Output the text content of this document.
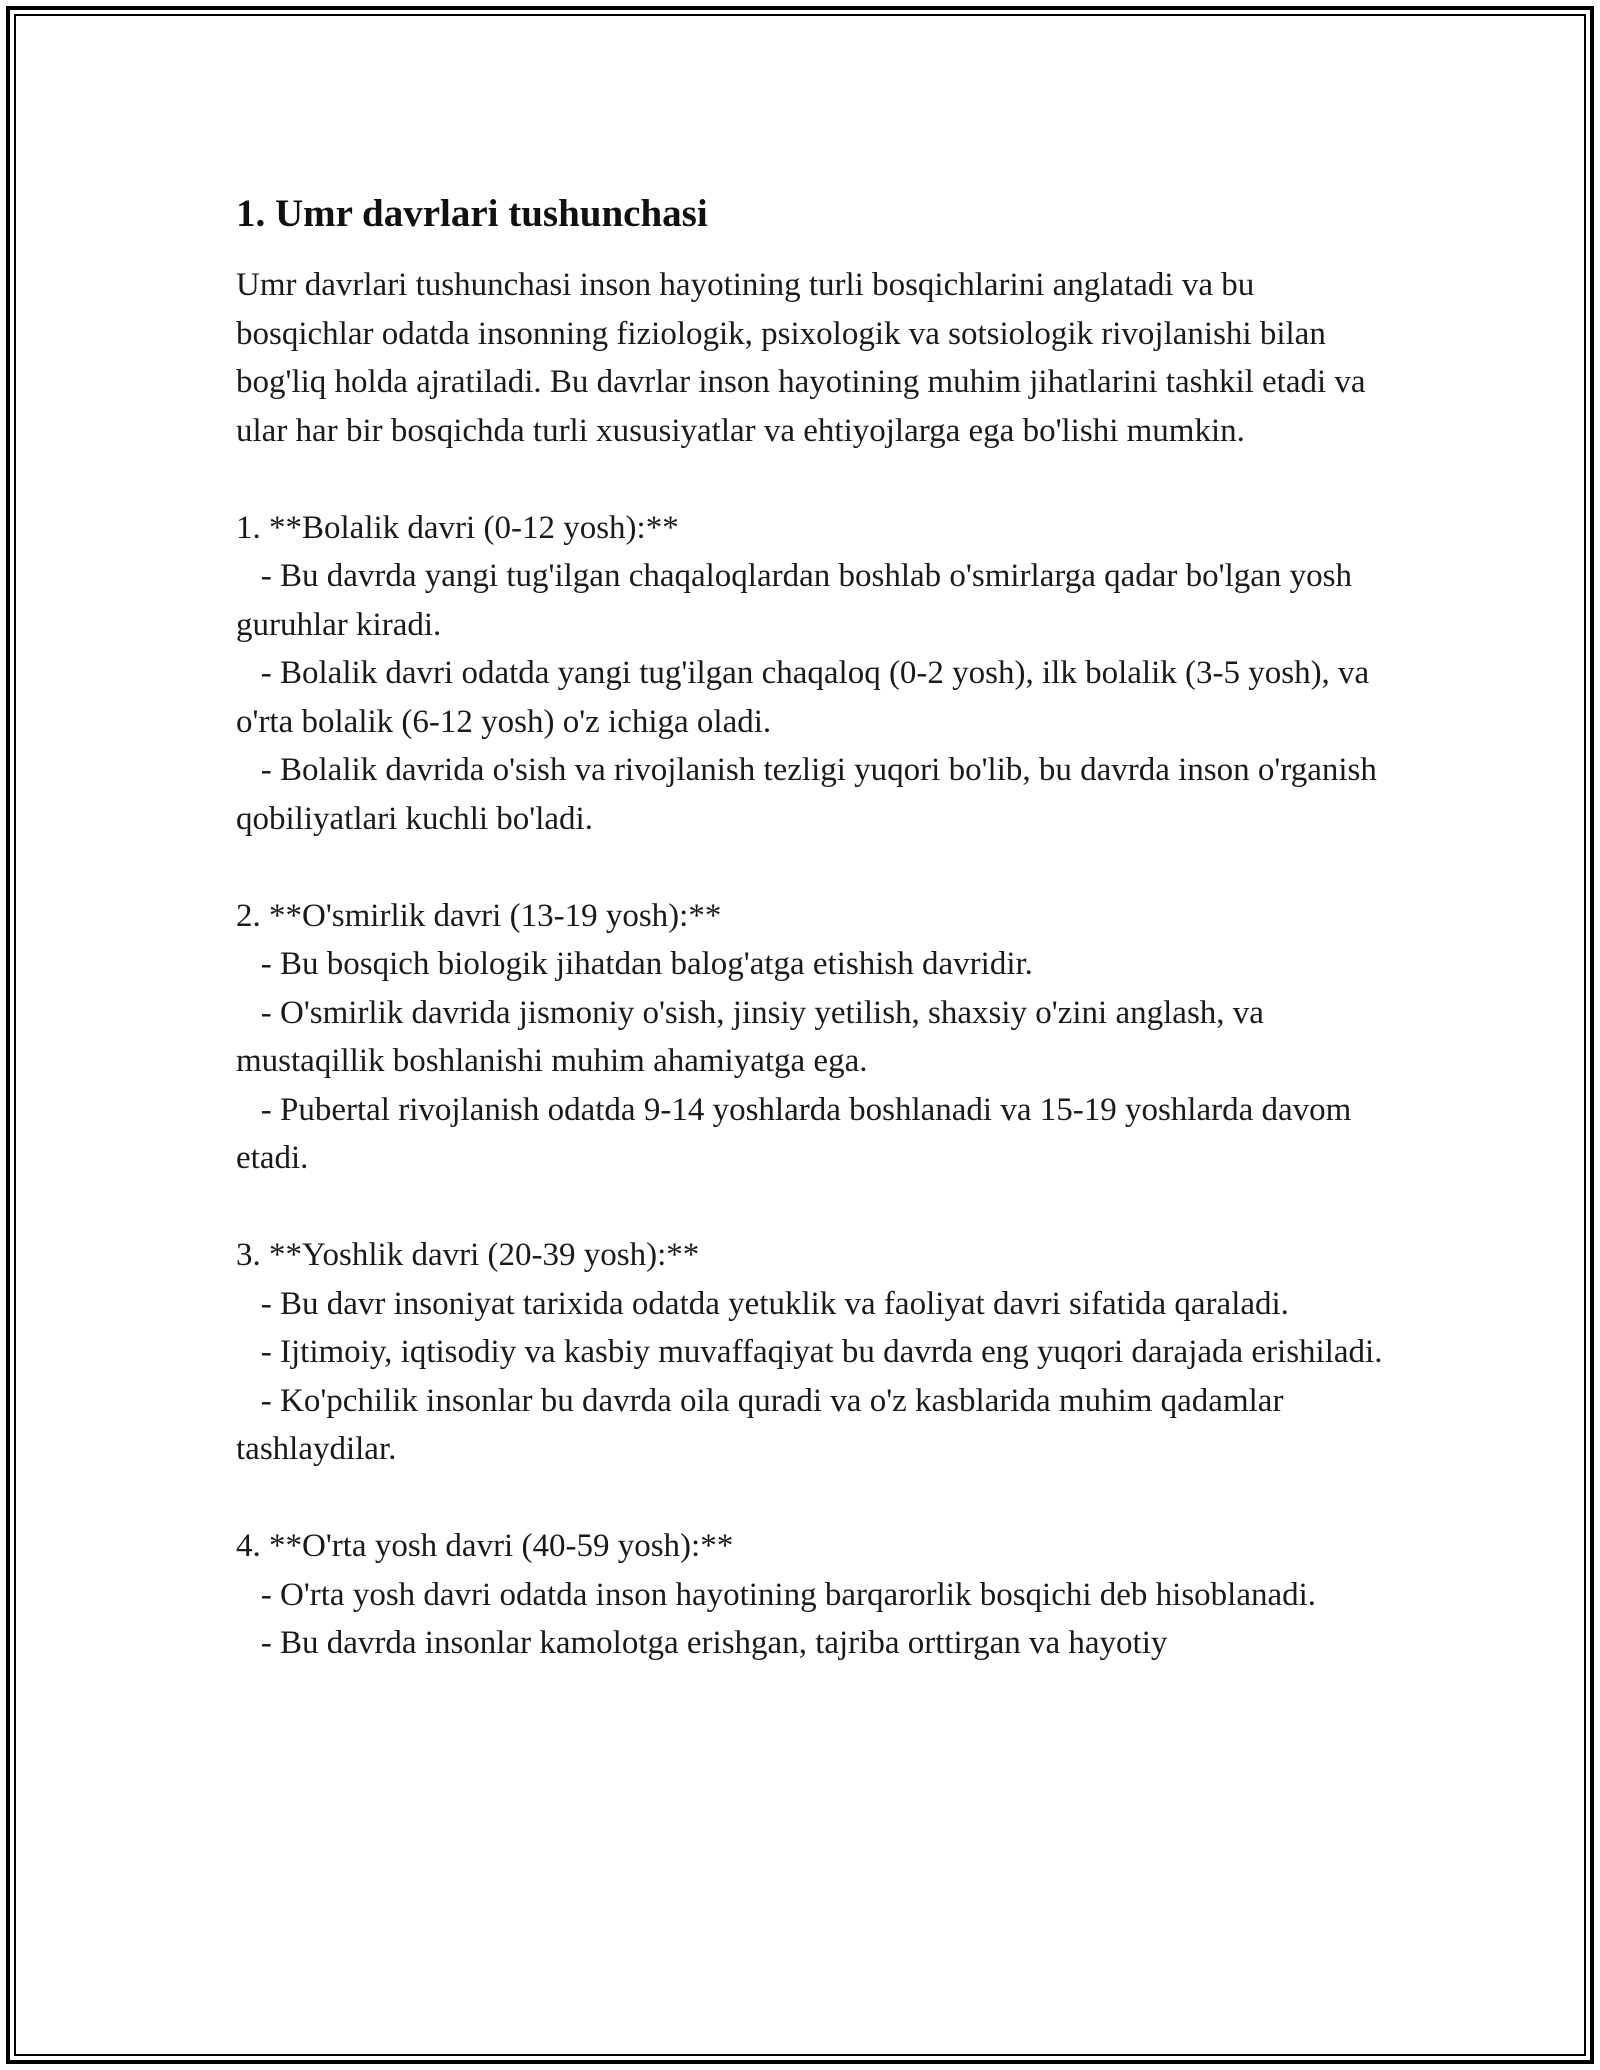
1. Umr davrlari tushunchasi

Umr davrlari tushunchasi inson hayotining turli bosqichlarini anglatadi va bu bosqichlar odatda insonning fiziologik, psixologik va sotsiologik rivojlanishi bilan bog'liq holda ajratiladi. Bu davrlar inson hayotining muhim jihatlarini tashkil etadi va ular har bir bosqichda turli xususiyatlar va ehtiyojlarga ega bo'lishi mumkin.

1. **Bolalik davri (0-12 yosh):**

- Bu davrda yangi tug'ilgan chaqaloqlardan boshlab o'smirlarga qadar bo'lgan yosh guruhlar kiradi.
- Bolalik davri odatda yangi tug'ilgan chaqaloq (0-2 yosh), ilk bolalik (3-5 yosh), va o'rta bolalik (6-12 yosh) o'z ichiga oladi.
- Bolalik davrida o'sish va rivojlanish tezligi yuqori bo'lib, bu davrda inson o'rganish qobiliyatlari kuchli bo'ladi.

2. **O'smirlik davri (13-19 yosh):**

- Bu bosqich biologik jihatdan balog'atga etishish davridir.
- O'smirlik davrida jismoniy o'sish, jinsiy yetilish, shaxsiy o'zini anglash, va mustaqillik boshlanishi muhim ahamiyatga ega.
- Pubertal rivojlanish odatda 9-14 yoshlarda boshlanadi va 15-19 yoshlarda davom etadi.

3. **Yoshlik davri (20-39 yosh):**

- Bu davr insoniyat tarixida odatda yetuklik va faoliyat davri sifatida qaraladi.
- Ijtimoiy, iqtisodiy va kasbiy muvaffaqiyat bu davrda eng yuqori darajada erishiladi.
- Ko'pchilik insonlar bu davrda oila quradi va o'z kasblarida muhim qadamlar tashlaydilar.

4. **O'rta yosh davri (40-59 yosh):**

- O'rta yosh davri odatda inson hayotining barqarorlik bosqichi deb hisoblanadi.
- Bu davrda insonlar kamolotga erishgan, tajriba orttirgan va hayotiy
